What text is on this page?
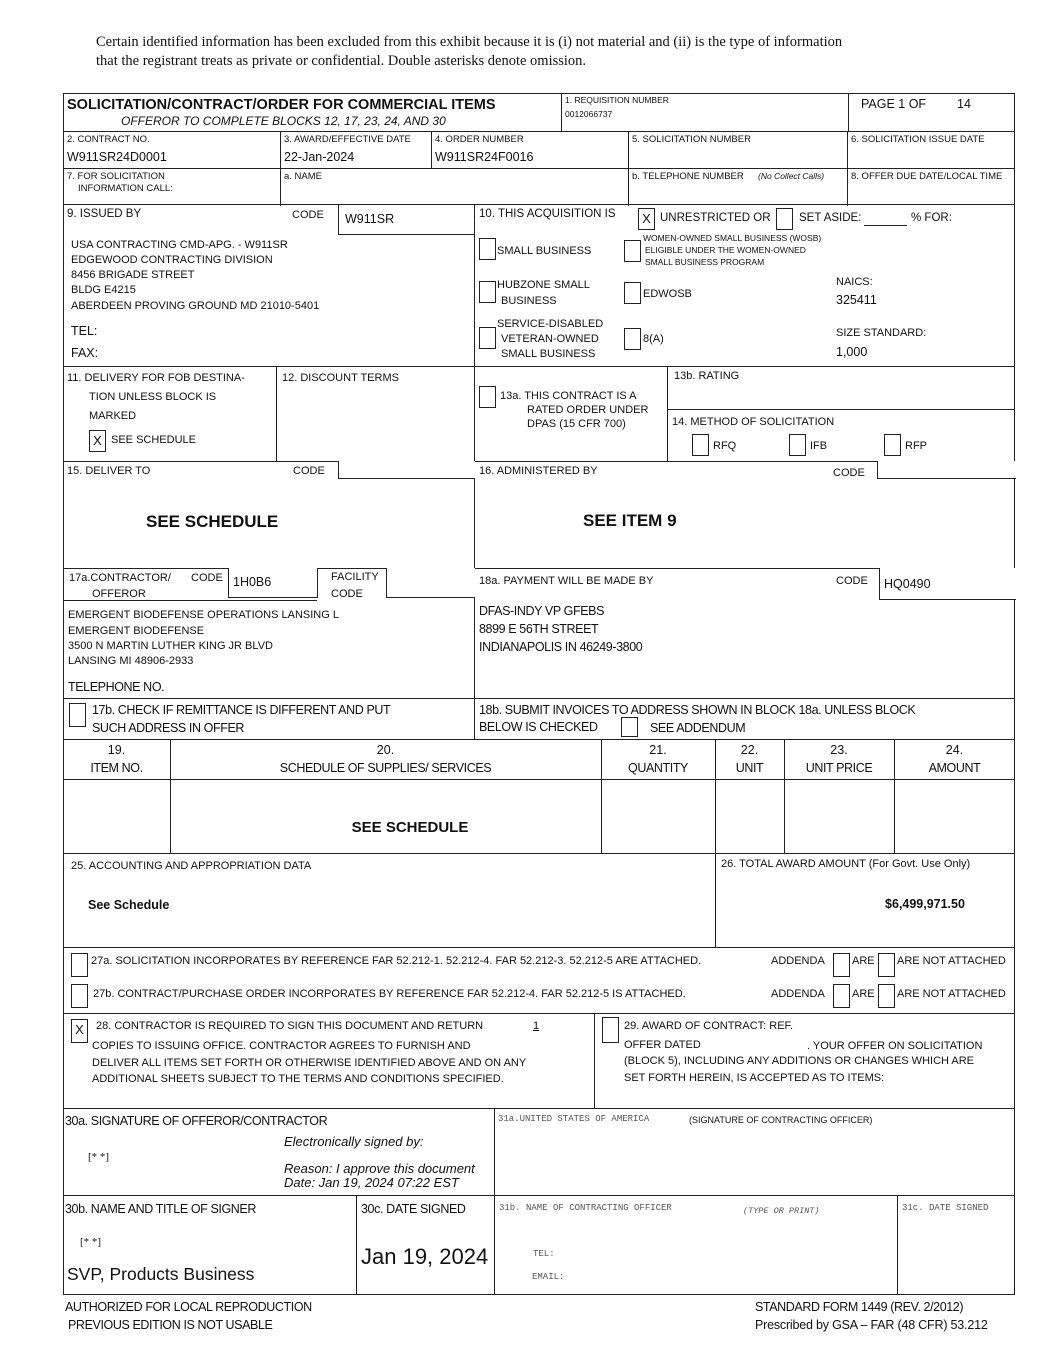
Certain identified information has been excluded from this exhibit because it is (i) not material and (ii) is the type of information
that the registrant treats as private or confidential. Double asterisks denote omission.
SOLICITATION/CONTRACT/ORDER FOR COMMERCIAL ITEMS
OFFEROR TO COMPLETE BLOCKS 12, 17, 23, 24, AND 30
1. REQUISITION NUMBER
0012066737
PAGE 1 OF 14
2. CONTRACT NO.
W911SR24D0001
3. AWARD/EFFECTIVE DATE
22-Jan-2024
4. ORDER NUMBER
W911SR24F0016
5. SOLICITATION NUMBER	6. SOLICITATION ISSUE DATE
7. FOR SOLICITATION
INFORMATION CALL:
a. NAME	b. TELEPHONE NUMBER (No Collect Calls)	8. OFFER DUE DATE/LOCAL TIME
9. ISSUED BY	CODE W911SR
USA CONTRACTING CMD-APG. - W911SR
EDGEWOOD CONTRACTING DIVISION
8456 BRIGADE STREET
BLDG E4215
ABERDEEN PROVING GROUND MD 21010-5401
TEL:
FAX:
10. THIS ACQUISITION IS	X UNRESTRICTED OR SET ASIDE:	% FOR:
SMALL BUSINESS
WOMEN-OWNED SMALL BUSINESS (WOSB)
ELIGIBLE UNDER THE WOMEN-OWNED
SMALL BUSINESS PROGRAM
HUBZONE SMALL
BUSINESS
EDWOSB
NAICS:
325411
SERVICE-DISABLED
VETERAN-OWNED
SMALL BUSINESS
8(A)	SIZE STANDARD:
1,000
11. DELIVERY FOR FOB DESTINA-
TION UNLESS BLOCK IS
MARKED
X SEE SCHEDULE
12. DISCOUNT TERMS
13a. THIS CONTRACT IS A
RATED ORDER UNDER
DPAS (15 CFR 700)
13b. RATING
14. METHOD OF SOLICITATION
RFQ	IFB	RFP
15. DELIVER TO	CODE
SEE SCHEDULE
16. ADMINISTERED BY	CODE
SEE ITEM 9
17a.CONTRACTOR/
OFFEROR
CODE 1H0B6	FACILITY
CODE
EMERGENT BIODEFENSE OPERATIONS LANSING L
EMERGENT BIODEFENSE
3500 N MARTIN LUTHER KING JR BLVD
LANSING MI 48906-2933
TELEPHONE NO.
17b. CHECK IF REMITTANCE IS DIFFERENT AND PUT
SUCH ADDRESS IN OFFER
18a. PAYMENT WILL BE MADE BY	CODE HQ0490
DFAS-INDY VP GFEBS
8899 E 56TH STREET
INDIANAPOLIS IN 46249-3800
18b. SUBMIT INVOICES TO ADDRESS SHOWN IN BLOCK 18a. UNLESS BLOCK
BELOW IS CHECKED	SEE ADDENDUM
19.
ITEM NO.
20.
SCHEDULE OF SUPPLIES/ SERVICES
21.
QUANTITY
22.
UNIT
23.
UNIT PRICE
24.
AMOUNT
SEE SCHEDULE
25. ACCOUNTING AND APPROPRIATION DATA
See Schedule
26. TOTAL AWARD AMOUNT (For Govt. Use Only)
$6,499,971.50
27a. SOLICITATION INCORPORATES BY REFERENCE FAR 52.212-1. 52.212-4. FAR 52.212-3. 52.212-5 ARE ATTACHED.	ADDENDA ARE ARE NOT ATTACHED
27b. CONTRACT/PURCHASE ORDER INCORPORATES BY REFERENCE FAR 52.212-4. FAR 52.212-5 IS ATTACHED.	ADDENDA ARE ARE NOT ATTACHED
X	28. CONTRACTOR IS REQUIRED TO SIGN THIS DOCUMENT AND RETURN	1
COPIES TO ISSUING OFFICE. CONTRACTOR AGREES TO FURNISH AND
DELIVER ALL ITEMS SET FORTH OR OTHERWISE IDENTIFIED ABOVE AND ON ANY
ADDITIONAL SHEETS SUBJECT TO THE TERMS AND CONDITIONS SPECIFIED.
29. AWARD OF CONTRACT: REF.
OFFER DATED	. YOUR OFFER ON SOLICITATION
(BLOCK 5), INCLUDING ANY ADDITIONS OR CHANGES WHICH ARE
SET FORTH HEREIN, IS ACCEPTED AS TO ITEMS:
30a. SIGNATURE OF OFFEROR/CONTRACTOR
[* *]
Electronically signed by:
Reason: I approve this document
Date: Jan 19, 2024 07:22 EST
31a.UNITED STATES OF AMERICA	(SIGNATURE OF CONTRACTING OFFICER)
30b. NAME AND TITLE OF SIGNER
[* *]
SVP, Products Business
30c. DATE SIGNED
Jan 19, 2024
31b. NAME OF CONTRACTING OFFICER	(TYPE OR PRINT)
TEL:
EMAIL:
31c. DATE SIGNED
AUTHORIZED FOR LOCAL REPRODUCTION
PREVIOUS EDITION IS NOT USABLE
STANDARD FORM 1449 (REV. 2/2012)
Prescribed by GSA – FAR (48 CFR) 53.212
